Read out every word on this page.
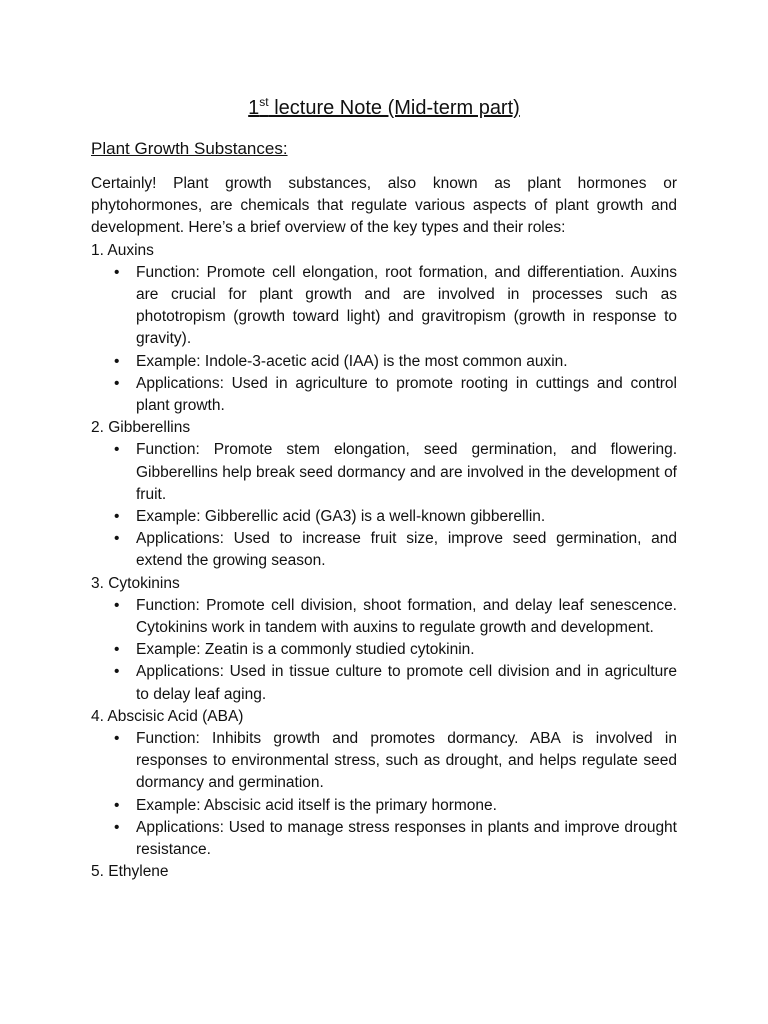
1st lecture Note (Mid-term part)
Plant Growth Substances:

Certainly! Plant growth substances, also known as plant hormones or phytohormones, are chemicals that regulate various aspects of plant growth and development. Here’s a brief overview of the key types and their roles:

1. Auxins

• Function: Promote cell elongation, root formation, and differentiation. Auxins are crucial for plant growth and are involved in processes such as phototropism (growth toward light) and gravitropism (growth in response to gravity).
• Example: Indole-3-acetic acid (IAA) is the most common auxin.
• Applications: Used in agriculture to promote rooting in cuttings and control plant growth.

2. Gibberellins

• Function: Promote stem elongation, seed germination, and flowering. Gibberellins help break seed dormancy and are involved in the development of fruit.
• Example: Gibberellic acid (GA3) is a well-known gibberellin.
• Applications: Used to increase fruit size, improve seed germination, and extend the growing season.

3. Cytokinins

• Function: Promote cell division, shoot formation, and delay leaf senescence. Cytokinins work in tandem with auxins to regulate growth and development.
• Example: Zeatin is a commonly studied cytokinin.
• Applications: Used in tissue culture to promote cell division and in agriculture to delay leaf aging.

4. Abscisic Acid (ABA)

• Function: Inhibits growth and promotes dormancy. ABA is involved in responses to environmental stress, such as drought, and helps regulate seed dormancy and germination.
• Example: Abscisic acid itself is the primary hormone.
• Applications: Used to manage stress responses in plants and improve drought resistance.

5. Ethylene
